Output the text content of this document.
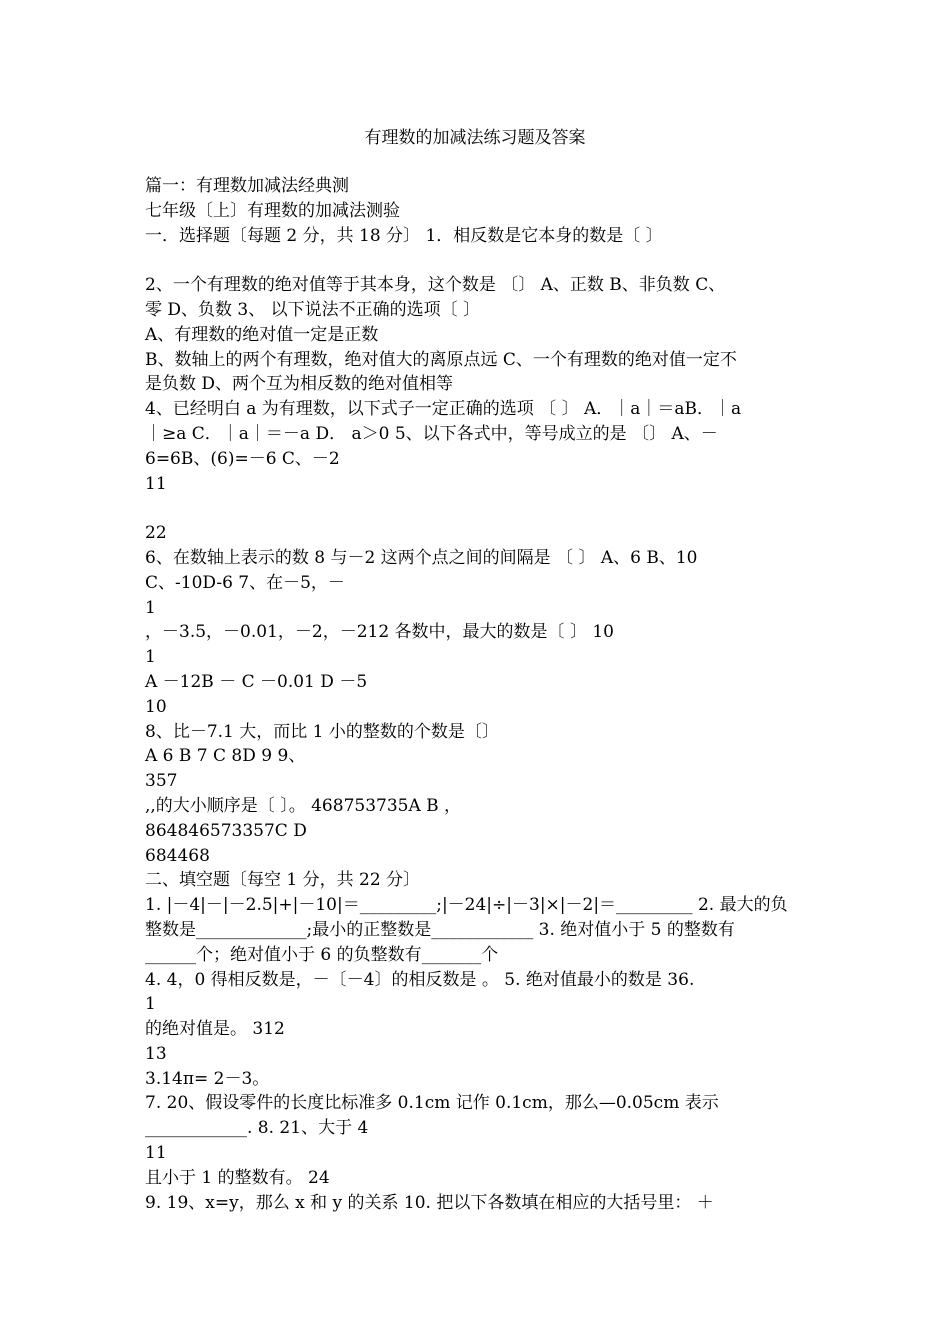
有理数的加减法练习题及答案
篇一：有理数加减法经典测
七年级〔上〕有理数的加减法测验
一．选择题〔每题 2 分，共 18 分〕 1．相反数是它本身的数是〔 〕
2、一个有理数的绝对值等于其本身，这个数是 〔〕 A、正数 B、非负数 C、
零 D、负数 3、 以下说法不正确的选项〔 〕
A、有理数的绝对值一定是正数
B、数轴上的两个有理数，绝对值大的离原点远 C、一个有理数的绝对值一定不
是负数 D、两个互为相反数的绝对值相等
4、已经明白 a 为有理数，以下式子一定正确的选项 〔 〕 A．｜a｜＝aB．｜a
｜≥a C．｜a｜＝－a D． a＞0 5、以下各式中，等号成立的是 〔〕 A、－
6=6B、(6)=－6 C、－2
11
22
6、在数轴上表示的数 8 与－2 这两个点之间的间隔是 〔 〕 A、6 B、10
C、-10D-6 7、在－5，－
1
，－3.5，－0.01，－2，－212 各数中，最大的数是〔 〕 10
1
A －12B － C －0.01 D －5
10
8、比－7.1 大，而比 1 小的整数的个数是〔〕
A 6 B 7 C 8D 9 9、
357
,,的大小顺序是〔 〕。 468753735A B ，
864846573357C D
684468
二、填空题〔每空 1 分，共 22 分〕
1. |－4|－|－2.5|+|－10|＝_________;|－24|÷|－3|×|－2|＝_________ 2. 最大的负
整数是_____________;最小的正整数是____________ 3. 绝对值小于 5 的整数有
______个；绝对值小于 6 的负整数有_______个
4. 4，0 得相反数是，－〔－4〕的相反数是 。 5. 绝对值最小的数是 36.
1
的绝对值是。 312
13
3.14π= 2－3。
7. 20、假设零件的长度比标准多 0.1cm 记作 0.1cm，那么—0.05cm 表示
____________. 8. 21、大于 4
11
且小于 1 的整数有。 24
9. 19、x=y，那么 x 和 y 的关系 10. 把以下各数填在相应的大括号里： ＋
